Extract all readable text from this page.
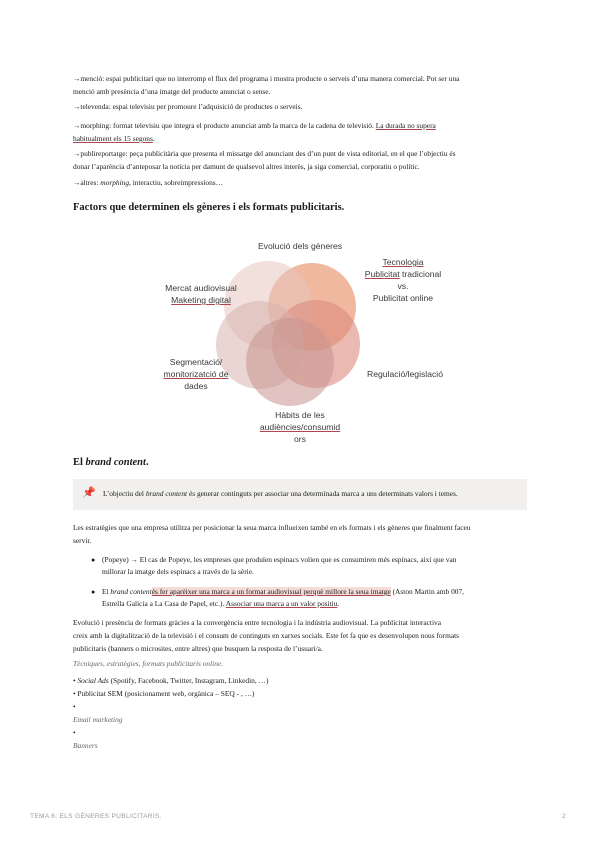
→menció: espai publicitari que no interromp el flux del programa i mostra producte o serveis d’una manera comercial. Pot ser una
menció amb presència d’una imatge del producte anunciat o sense.
→televenda: espai televisiu per promoure l’adquisició de productes o serveis.
→morphing: format televisiu que integra el producte anunciat amb la marca de la cadena de televisió. La durada no supera
habitualment els 15 segons.
→publireportatge: peça publicitària que presenta el missatge del anunciant des d’un punt de vista editorial, en el que l’objectiu és
donar l’aparència d’anteposar la notícia per damunt de qualsevol altres interès, ja siga comercial, corporatiu o polític.
→altres: morphing, interactiu, sobreimpressions…
Factors que determinen els gèneres i els formats publicitaris.
Evolució dels gèneres
Tecnologia
Publicitat tradicional
vs.
Publicitat online
Mercat audiovisual
Maketing digital
Regulació/legislació
Segmentació/
monitorizatció de
dades
Hàbits de les
audiències/consumid
ors
El brand content.
📌 L’objectiu del brand content és generar continguts per associar una determinada marca a uns determinats valors i temes.
Les estratègies que una empresa utilitza per posicionar la seua marca influeixen també en els formats i els gèneres que finalment faceu
servir.
● (Popeye) → El cas de Popeye, les empreses que produïen espinacs volien que es consumiren més espinacs, així que van
millorar la imatge dels espinacs a través de la sèrie.
● El brand contentés fer aparèixer una marca a un format audiovisual perquè millore la seua imatge (Aston Martin amb 007,
Estrella Galicia a La Casa de Papel, etc.). Associar una marca a un valor positiu.
Evolució i presència de formats gràcies a la convergència entre tecnologia i la indústria audiovisual. La publicitat interactiva
creix amb la digitalització de la televisió i el consum de continguts en xarxes socials. Este fet fa que es desenvolupen nous formats
publicitaris (banners o microsites, entre altres) que busquen la resposta de l’usuari/a.
Tècniques, estratègies, formats publicitaris online.
• Social Ads (Spotify, Facebook, Twitter, Instagram, Linkedin, …)
• Publicitat SEM (posicionament web, orgànica – SEQ - , …)
•
Email marketing
•
Banners
TEMA 6: ELS GÈNERES PUBLICITARIS.	2
